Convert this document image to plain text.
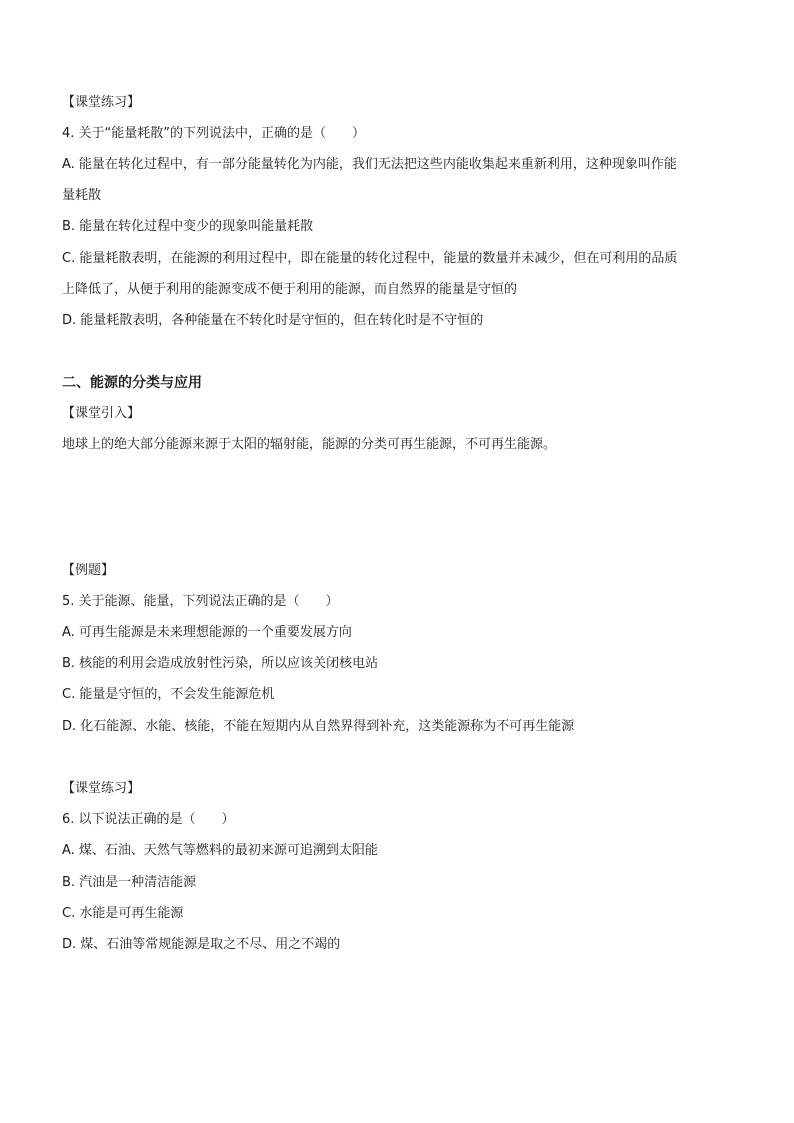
【课堂练习】
4. 关于“能量耗散”的下列说法中，正确的是（　　）
A. 能量在转化过程中，有一部分能量转化为内能，我们无法把这些内能收集起来重新利用，这种现象叫作能
量耗散
B. 能量在转化过程中变少的现象叫能量耗散
C. 能量耗散表明，在能源的利用过程中，即在能量的转化过程中，能量的数量并未减少，但在可利用的品质
上降低了，从便于利用的能源变成不便于利用的能源，而自然界的能量是守恒的
D. 能量耗散表明，各种能量在不转化时是守恒的，但在转化时是不守恒的
二、能源的分类与应用
【课堂引入】
地球上的绝大部分能源来源于太阳的辐射能，能源的分类可再生能源，不可再生能源。
【例题】
5. 关于能源、能量，下列说法正确的是（　　）
A. 可再生能源是未来理想能源的一个重要发展方向
B. 核能的利用会造成放射性污染，所以应该关闭核电站
C. 能量是守恒的，不会发生能源危机
D. 化石能源、水能、核能，不能在短期内从自然界得到补充，这类能源称为不可再生能源
【课堂练习】
6. 以下说法正确的是（　　）
A. 煤、石油、天然气等燃料的最初来源可追溯到太阳能
B. 汽油是一种清洁能源
C. 水能是可再生能源
D. 煤、石油等常规能源是取之不尽、用之不竭的
